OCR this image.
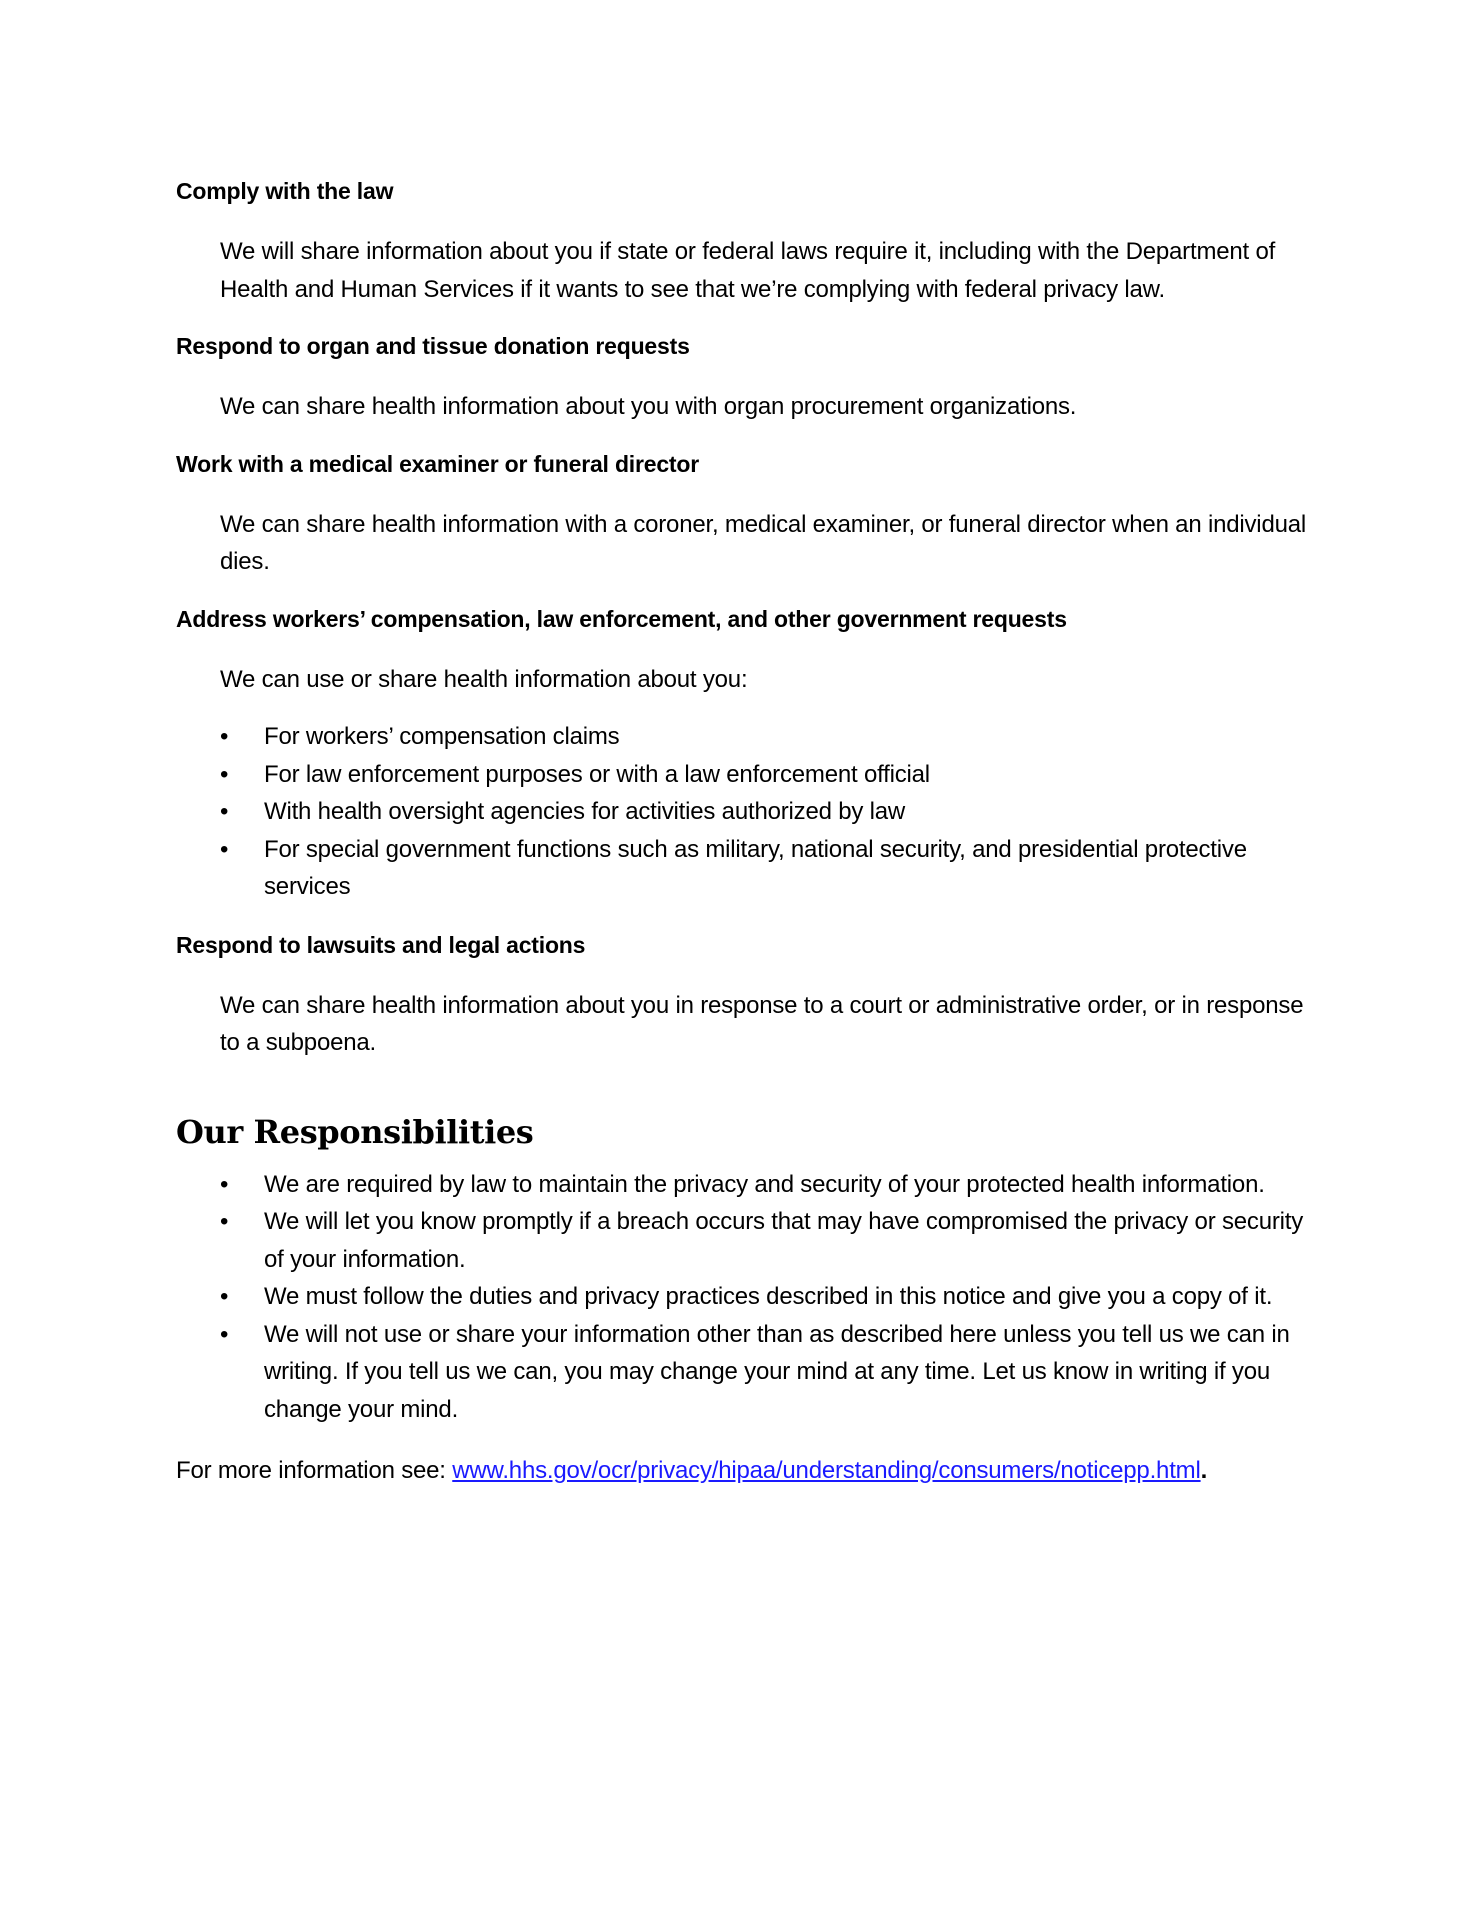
Comply with the law

We will share information about you if state or federal laws require it, including with the Department of Health and Human Services if it wants to see that we’re complying with federal privacy law.

Respond to organ and tissue donation requests

We can share health information about you with organ procurement organizations.

Work with a medical examiner or funeral director

We can share health information with a coroner, medical examiner, or funeral director when an individual dies.

Address workers’ compensation, law enforcement, and other government requests

We can use or share health information about you:

•	For workers’ compensation claims
•	For law enforcement purposes or with a law enforcement official
•	With health oversight agencies for activities authorized by law
•	For special government functions such as military, national security, and presidential protective services
Respond to lawsuits and legal actions

We can share health information about you in response to a court or administrative order, or in response to a subpoena.

Our Responsibilities
•	We are required by law to maintain the privacy and security of your protected health information.
•	We will let you know promptly if a breach occurs that may have compromised the privacy or security of your information.
•	We must follow the duties and privacy practices described in this notice and give you a copy of it.
•	We will not use or share your information other than as described here unless you tell us we can in writing. If you tell us we can, you may change your mind at any time. Let us know in writing if you change your mind.

For more information see: www.hhs.gov/ocr/privacy/hipaa/understanding/consumers/noticepp.html.
